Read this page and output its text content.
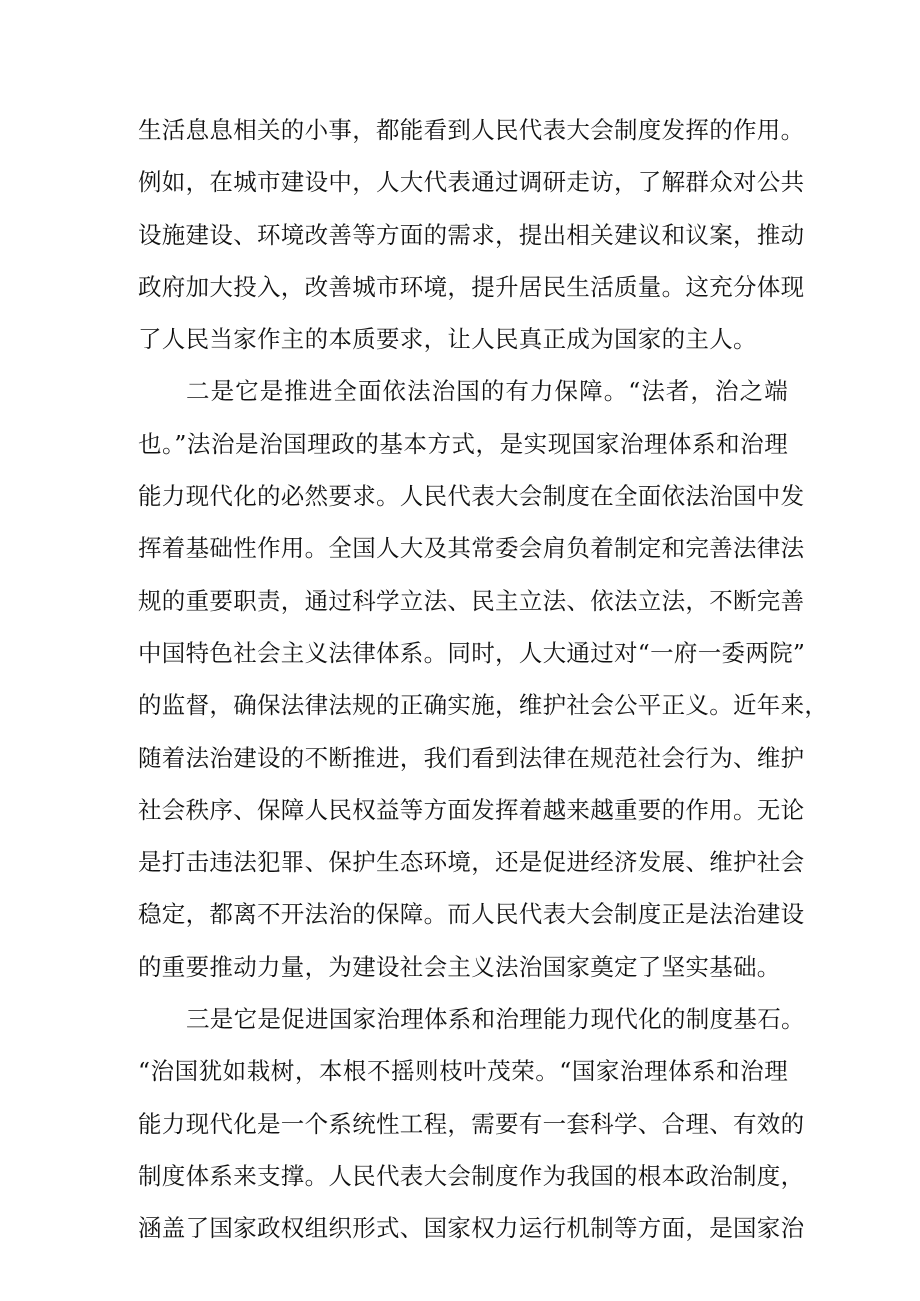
生活息息相关的小事，都能看到人民代表大会制度发挥的作用。
例如，在城市建设中，人大代表通过调研走访，了解群众对公共
设施建设、环境改善等方面的需求，提出相关建议和议案，推动
政府加大投入，改善城市环境，提升居民生活质量。这充分体现
了人民当家作主的本质要求，让人民真正成为国家的主人。
二是它是推进全面依法治国的有力保障。“法者，治之端
也。”法治是治国理政的基本方式，是实现国家治理体系和治理
能力现代化的必然要求。人民代表大会制度在全面依法治国中发
挥着基础性作用。全国人大及其常委会肩负着制定和完善法律法
规的重要职责，通过科学立法、民主立法、依法立法，不断完善
中国特色社会主义法律体系。同时，人大通过对“一府一委两院”
的监督，确保法律法规的正确实施，维护社会公平正义。近年来，
随着法治建设的不断推进，我们看到法律在规范社会行为、维护
社会秩序、保障人民权益等方面发挥着越来越重要的作用。无论
是打击违法犯罪、保护生态环境，还是促进经济发展、维护社会
稳定，都离不开法治的保障。而人民代表大会制度正是法治建设
的重要推动力量，为建设社会主义法治国家奠定了坚实基础。
三是它是促进国家治理体系和治理能力现代化的制度基石。
“治国犹如栽树，本根不摇则枝叶茂荣。“国家治理体系和治理
能力现代化是一个系统性工程，需要有一套科学、合理、有效的
制度体系来支撑。人民代表大会制度作为我国的根本政治制度，
涵盖了国家政权组织形式、国家权力运行机制等方面，是国家治
